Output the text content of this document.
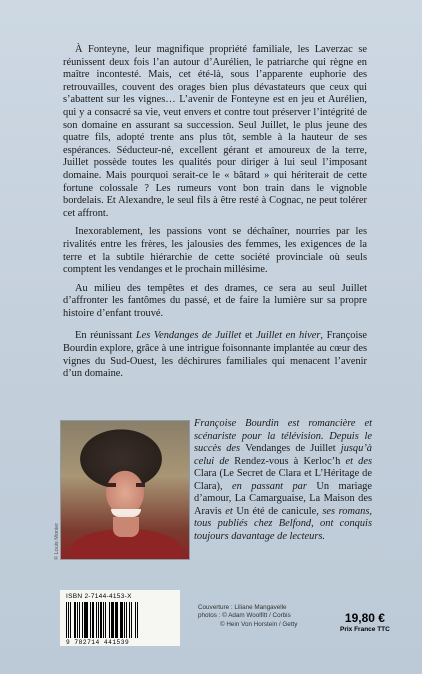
À Fonteyne, leur magnifique propriété familiale, les Laverzac se réunissent deux fois l’an autour d’Aurélien, le patriarche qui règne en maître incontesté. Mais, cet été-là, sous l’apparente euphorie des retrouvailles, couvent des orages bien plus dévastateurs que ceux qui s’abattent sur les vignes… L’avenir de Fonteyne est en jeu et Aurélien, qui y a consacré sa vie, veut envers et contre tout préserver l’intégrité de son domaine en assurant sa succession. Seul Juillet, le plus jeune des quatre fils, adopté trente ans plus tôt, semble à la hauteur de ses espérances. Séducteur-né, excellent gérant et amoureux de la terre, Juillet possède toutes les qualités pour diriger à lui seul l’imposant domaine. Mais pourquoi serait-ce le « bâtard » qui hériterait de cette fortune colossale ? Les rumeurs vont bon train dans le vignoble bordelais. Et Alexandre, le seul fils à être resté à Cognac, ne peut tolérer cet affront.

Inexorablement, les passions vont se déchaîner, nourries par les rivalités entre les frères, les jalousies des femmes, les exigences de la terre et la subtile hiérarchie de cette société provinciale où seuls comptent les vendanges et le prochain millésime.

Au milieu des tempêtes et des drames, ce sera au seul Juillet d’affronter les fantômes du passé, et de faire la lumière sur sa propre histoire d’enfant trouvé.

En réunissant Les Vendanges de Juillet et Juillet en hiver, Françoise Bourdin explore, grâce à une intrigue foisonnante implantée au cœur des vignes du Sud-Ouest, les déchirures familiales qui menacent l’avenir d’un domaine.

© Louis Monier
Françoise Bourdin est romancière et scénariste pour la télévision. Depuis le succès des Vendanges de Juillet jusqu’à celui de Rendez-vous à Kerloc’h et des Clara (Le Secret de Clara et L’Héritage de Clara), en passant par Un mariage d’amour, La Camarguaise, La Maison des Aravis et Un été de canicule, ses romans, tous publiés chez Belfond, ont conquis toujours davantage de lecteurs.
ISBN 2-7144-4153-X
9 782714 441539
Couverture : Liliane Mangavelle
photos : © Adam Woolfitt / Corbis
© Hein Von Horstein / Getty	19,80 €
Prix France TTC
